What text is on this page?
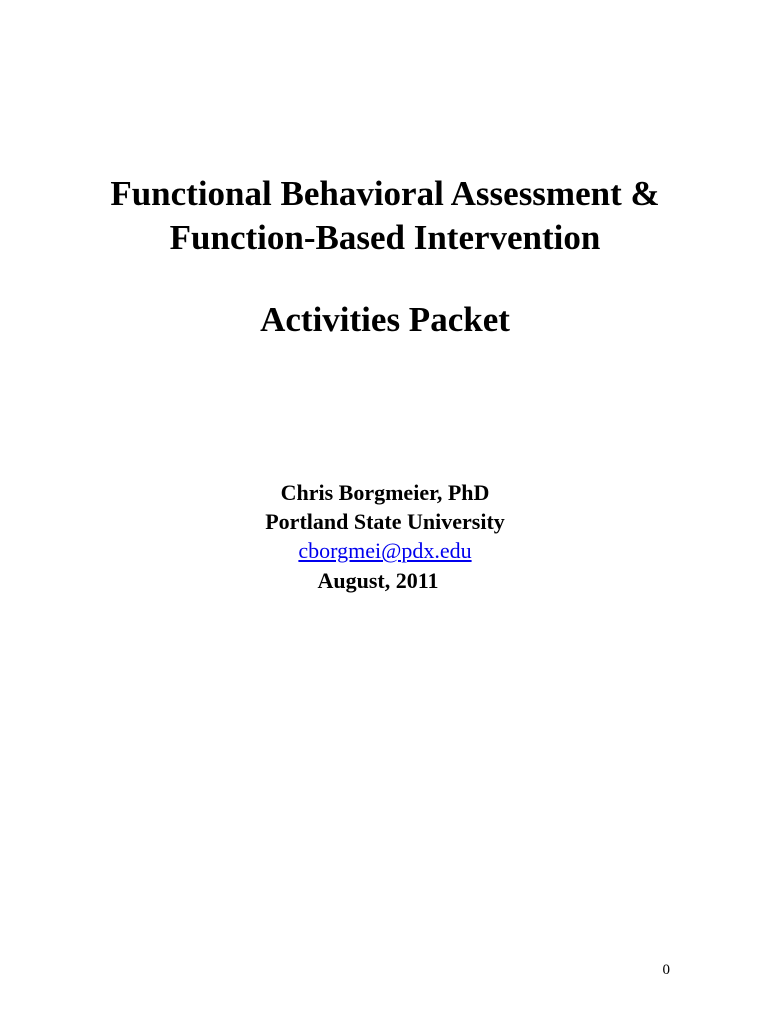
Functional Behavioral Assessment &
Function-Based Intervention
Activities Packet
Chris Borgmeier, PhD
Portland State University
cborgmei@pdx.edu
August, 2011
0
